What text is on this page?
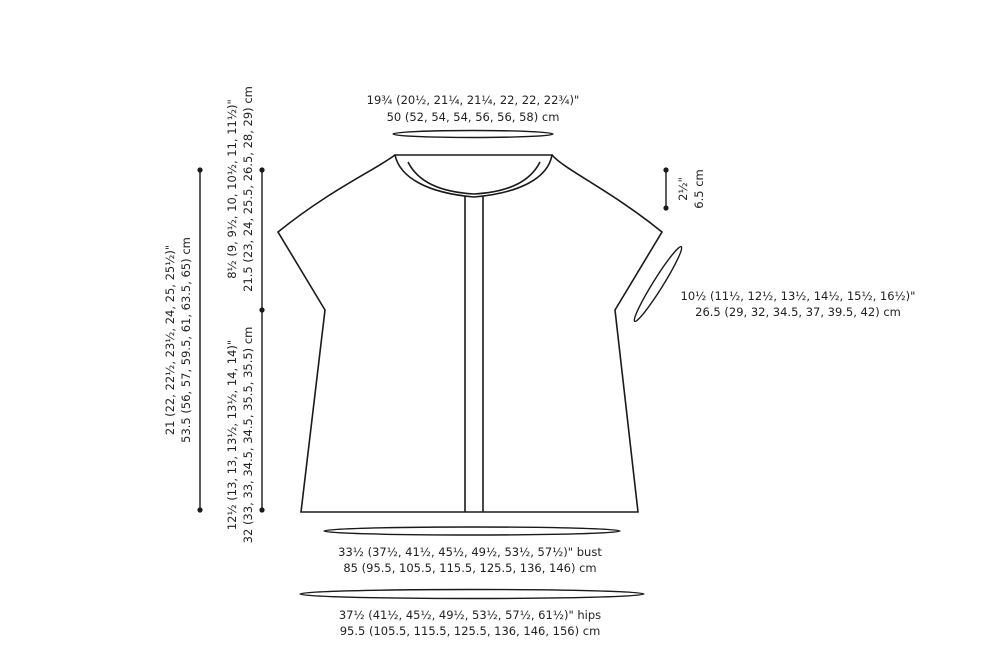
19¾ (20½, 21¼, 21¼, 22, 22, 22¾)"
50 (52, 54, 54, 56, 56, 58) cm
2½" 6.5 cm
10½ (11½, 12½, 13½, 14½, 15½, 16½)"
26.5 (29, 32, 34.5, 37, 39.5, 42) cm
21 (22, 22½, 23½, 24, 25, 25½)" 53.5 (56, 57, 59.5, 61, 63.5, 65) cm
8½ (9, 9½, 10, 10½, 11, 11½)" 21.5 (23, 24, 25.5, 26.5, 28, 29) cm
12½ (13, 13, 13½, 13½, 14, 14)" 32 (33, 33, 34.5, 34.5, 35.5, 35.5) cm
33½ (37½, 41½, 45½, 49½, 53½, 57½)" bust
85 (95.5, 105.5, 115.5, 125.5, 136, 146) cm
37½ (41½, 45½, 49½, 53½, 57½, 61½)" hips
95.5 (105.5, 115.5, 125.5, 136, 146, 156) cm
